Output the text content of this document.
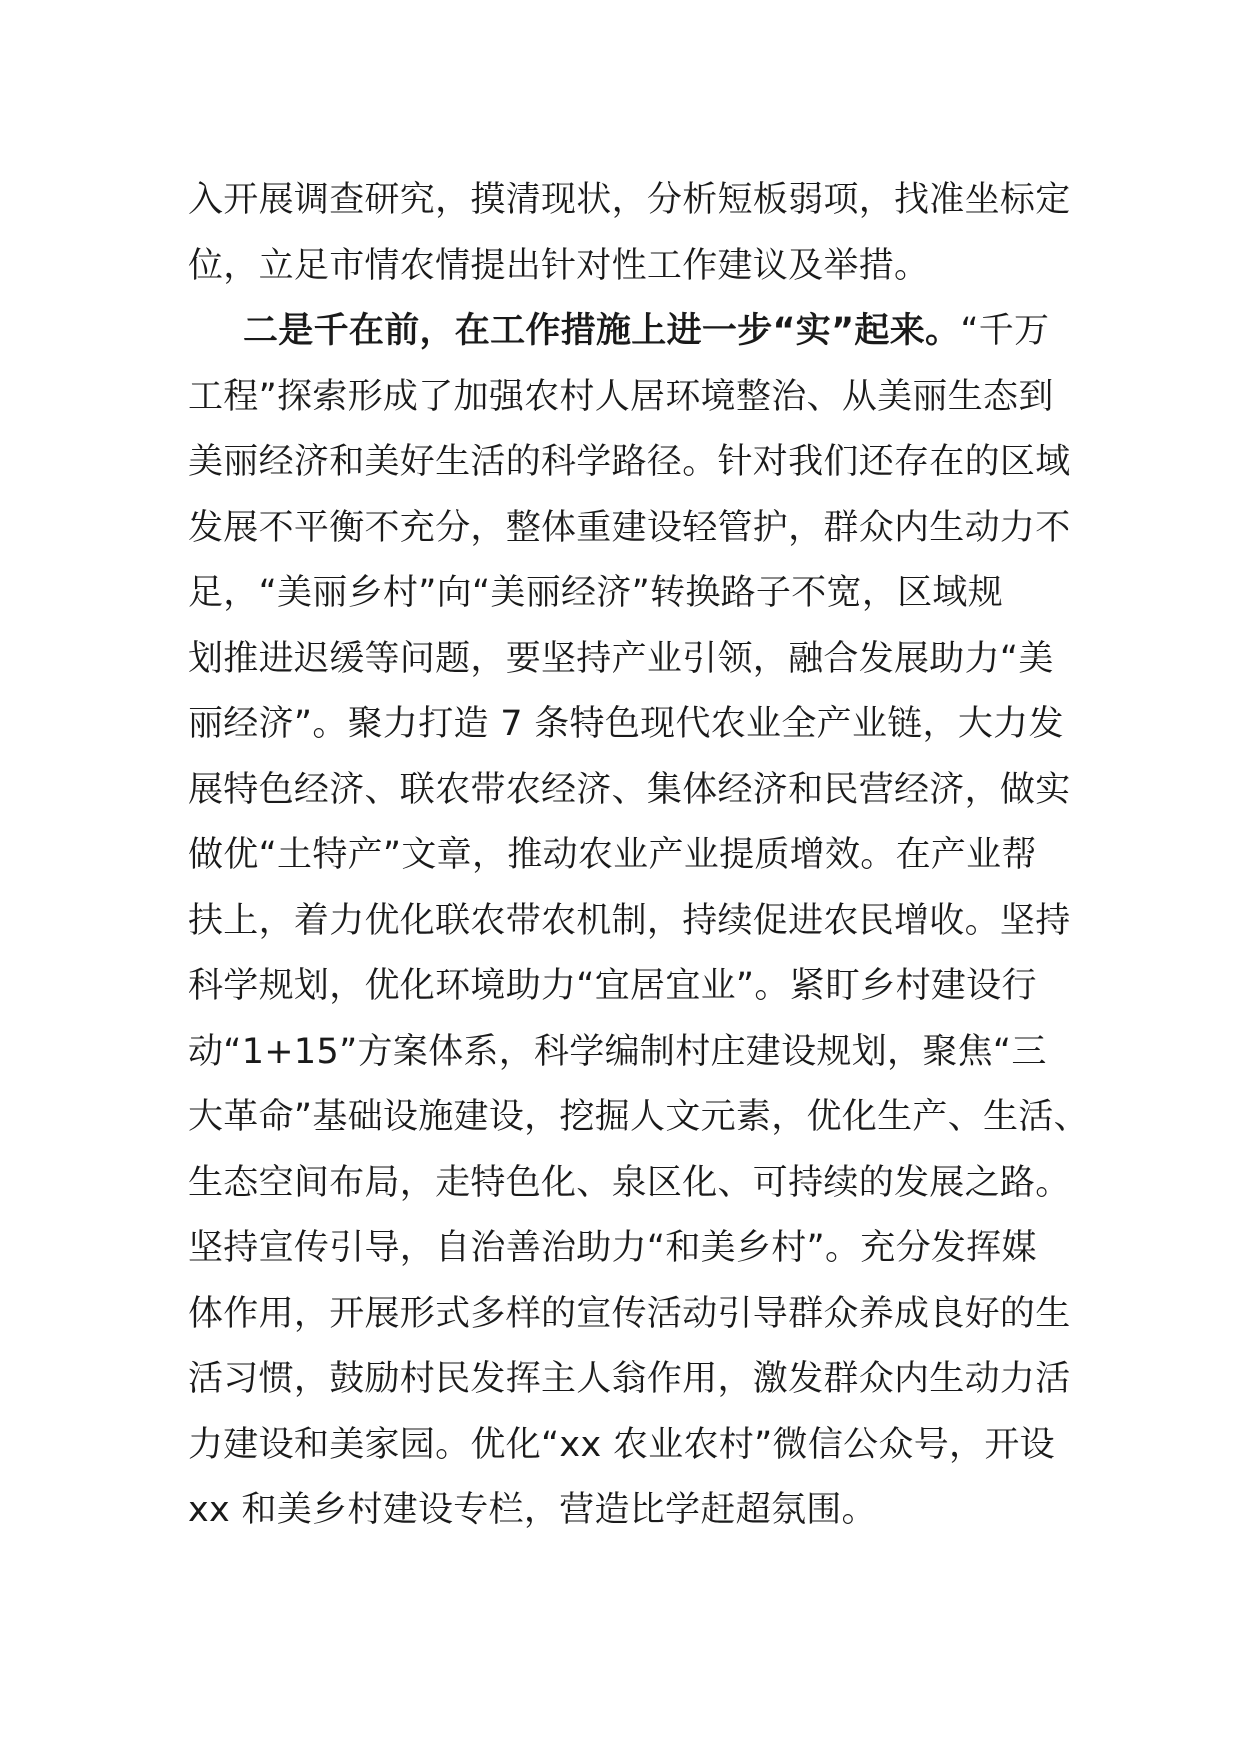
入开展调查研究，摸清现状，分析短板弱项，找准坐标定
位，立足市情农情提出针对性工作建议及举措。
二是千在前，在工作措施上进一步“实”起来。“千万
工程”探索形成了加强农村人居环境整治、从美丽生态到
美丽经济和美好生活的科学路径。针对我们还存在的区域
发展不平衡不充分，整体重建设轻管护，群众内生动力不
足，“美丽乡村”向“美丽经济”转换路子不宽，区域规
划推进迟缓等问题，要坚持产业引领，融合发展助力“美
丽经济”。聚力打造 7 条特色现代农业全产业链，大力发
展特色经济、联农带农经济、集体经济和民营经济，做实
做优“土特产”文章，推动农业产业提质增效。在产业帮
扶上，着力优化联农带农机制，持续促进农民增收。坚持
科学规划，优化环境助力“宜居宜业”。紧盯乡村建设行
动“1+15”方案体系，科学编制村庄建设规划，聚焦“三
大革命”基础设施建设，挖掘人文元素，优化生产、生活、
生态空间布局，走特色化、泉区化、可持续的发展之路。
坚持宣传引导，自治善治助力“和美乡村”。充分发挥媒
体作用，开展形式多样的宣传活动引导群众养成良好的生
活习惯，鼓励村民发挥主人翁作用，激发群众内生动力活
力建设和美家园。优化“xx 农业农村”微信公众号，开设
xx 和美乡村建设专栏，营造比学赶超氛围。
